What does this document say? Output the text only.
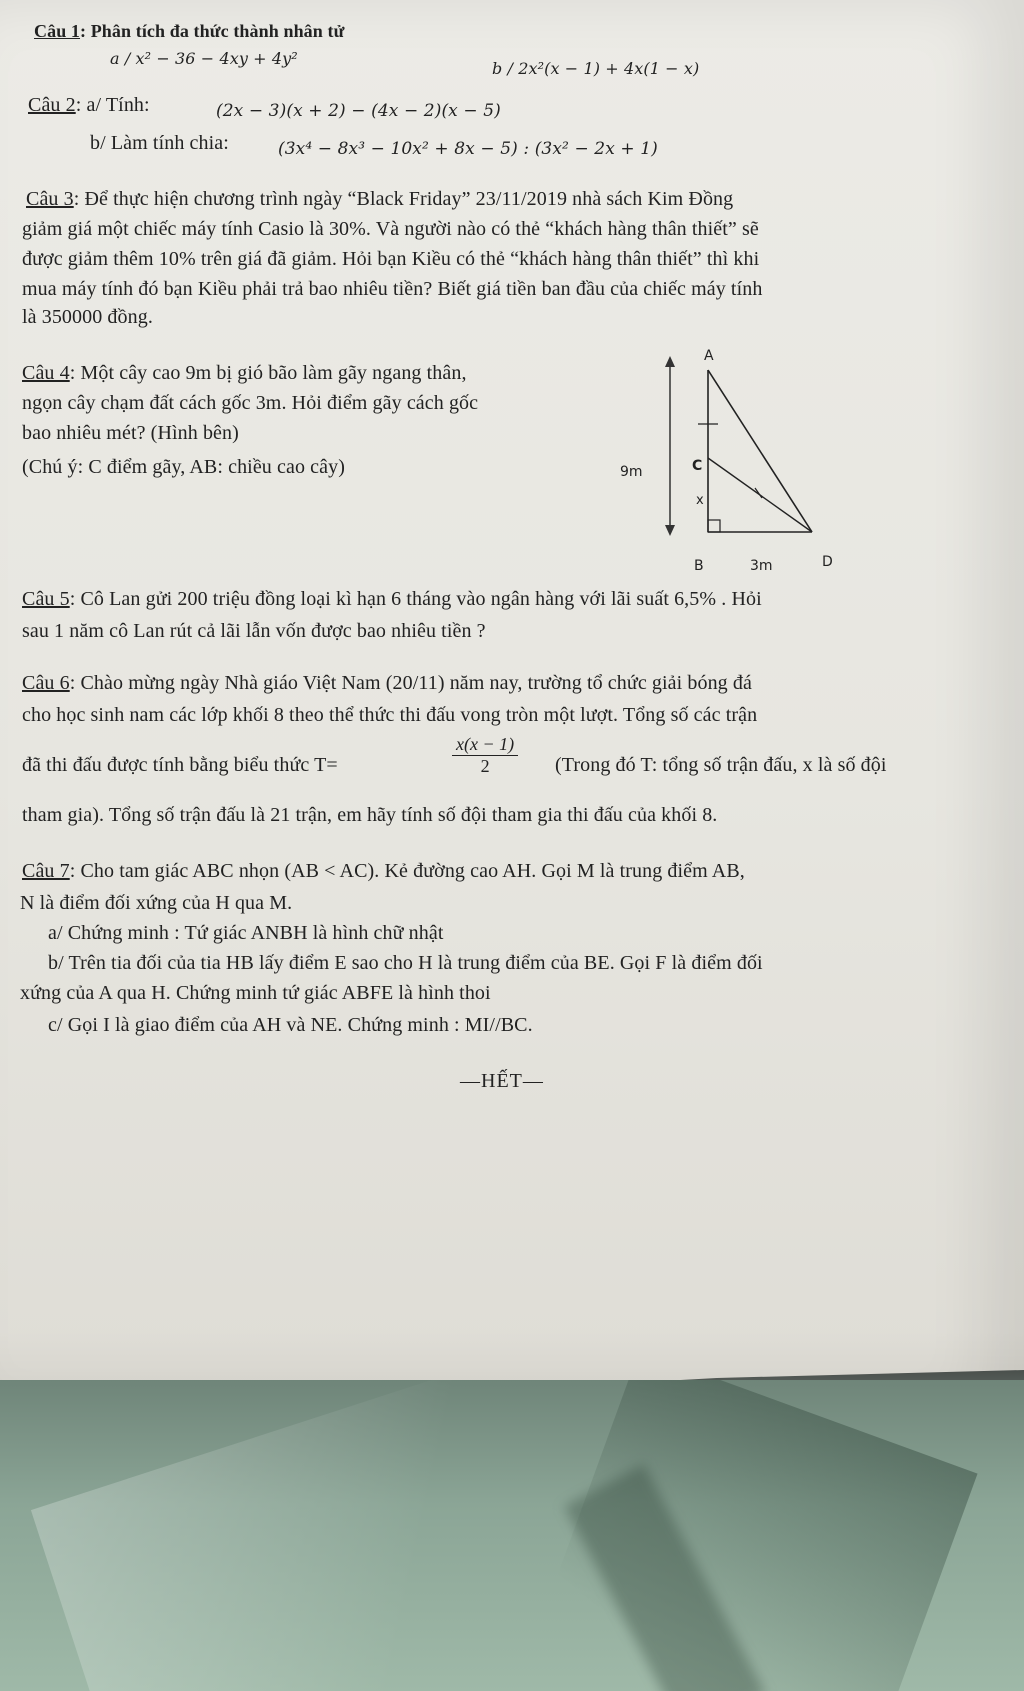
Câu 1: Phân tích đa thức thành nhân tử
a / x² − 36 − 4xy + 4y²
b / 2x²(x − 1) + 4x(1 − x)
Câu 2: a/ Tính:	(2x − 3)(x + 2) − (4x − 2)(x − 5)
b/ Làm tính chia:	(3x⁴ − 8x³ − 10x² + 8x − 5) : (3x² − 2x + 1)
Câu 3: Để thực hiện chương trình ngày “Black Friday” 23/11/2019 nhà sách Kim Đồng
giảm giá một chiếc máy tính Casio là 30%. Và người nào có thẻ “khách hàng thân thiết” sẽ
được giảm thêm 10% trên giá đã giảm. Hỏi bạn Kiều có thẻ “khách hàng thân thiết” thì khi
mua máy tính đó bạn Kiều phải trả bao nhiêu tiền? Biết giá tiền ban đầu của chiếc máy tính
là 350000 đồng.
Câu 4: Một cây cao 9m bị gió bão làm gãy ngang thân,
ngọn cây chạm đất cách gốc 3m. Hỏi điểm gãy cách gốc
bao nhiêu mét? (Hình bên)
(Chú ý: C điểm gãy, AB: chiều cao cây)
A
B
C
D
9m
3m
x
Câu 5: Cô Lan gửi 200 triệu đồng loại kì hạn 6 tháng vào ngân hàng với lãi suất 6,5% . Hỏi
sau 1 năm cô Lan rút cả lãi lẫn vốn được bao nhiêu tiền ?
Câu 6: Chào mừng ngày Nhà giáo Việt Nam (20/11) năm nay, trường tổ chức giải bóng đá
cho học sinh nam các lớp khối 8 theo thể thức thi đấu vong tròn một lượt. Tổng số các trận
đã thi đấu được tính bằng biểu thức T=	$\frac{x(x - 1)}{2}$ (Trong đó T: tổng số trận đấu, x là số đội
tham gia). Tổng số trận đấu là 21 trận, em hãy tính số đội tham gia thi đấu của khối 8.
Câu 7: Cho tam giác ABC nhọn (AB < AC). Kẻ đường cao AH. Gọi M là trung điểm AB,
N là điểm đối xứng của H qua M.
a/ Chứng minh : Tứ giác ANBH là hình chữ nhật
b/ Trên tia đối của tia HB lấy điểm E sao cho H là trung điểm của BE. Gọi F là điểm đối
xứng của A qua H. Chứng minh tứ giác ABFE là hình thoi
c/ Gọi I là giao điểm của AH và NE. Chứng minh : MI//BC.
—HẾT—
